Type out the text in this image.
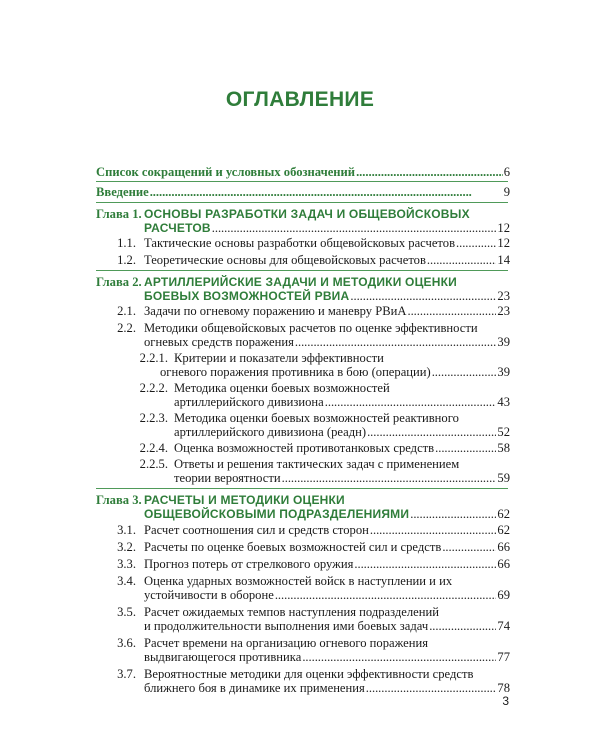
ОГЛАВЛЕНИЕ
Список сокращений и условных обозначений . . .	6
Введение . . .	9
Глава 1. ОСНОВЫ РАЗРАБОТКИ ЗАДАЧ И ОБЩЕВОЙСКОВЫХ
РАСЧЕТОВ . . .	12
1.1. Тактические основы разработки общевойсковых расчетов . . .	12
1.2. Теоретические основы для общевойсковых расчетов . . .	14
Глава 2. АРТИЛЛЕРИЙСКИЕ ЗАДАЧИ И МЕТОДИКИ ОЦЕНКИ
БОЕВЫХ ВОЗМОЖНОСТЕЙ РВИА . . .	23
2.1. Задачи по огневому поражению и маневру РВиА . . .	23
2.2. Методики общевойсковых расчетов по оценке эффективности
огневых средств поражения . . .	39
2.2.1. Критерии и показатели эффективности
огневого поражения противника в бою (операции) . . .	39
2.2.2. Методика оценки боевых возможностей
артиллерийского дивизиона . . .	43
2.2.3. Методика оценки боевых возможностей реактивного
артиллерийского дивизиона (реадн) . . .	52
2.2.4. Оценка возможностей противотанковых средств . . .	58
2.2.5. Ответы и решения тактических задач с применением
теории вероятности . . .	59
Глава 3. РАСЧЕТЫ И МЕТОДИКИ ОЦЕНКИ
ОБЩЕВОЙСКОВЫМИ ПОДРАЗДЕЛЕНИЯМИ . . .	62
3.1. Расчет соотношения сил и средств сторон . . .	62
3.2. Расчеты по оценке боевых возможностей сил и средств . . .	66
3.3. Прогноз потерь от стрелкового оружия . . .	66
3.4. Оценка ударных возможностей войск в наступлении и их
устойчивости в обороне . . .	69
3.5. Расчет ожидаемых темпов наступления подразделений
и продолжительности выполнения ими боевых задач . . .	74
3.6. Расчет времени на организацию огневого поражения
выдвигающегося противника . . .	77
3.7. Вероятностные методики для оценки эффективности средств
ближнего боя в динамике их применения . . .	78
3
